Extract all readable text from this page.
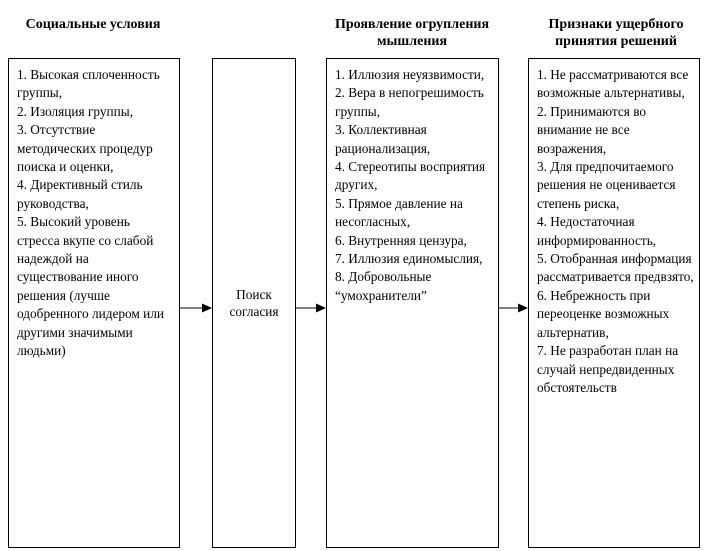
Социальные условия	Проявление огрупления мышления
Признаки ущербного принятия решений
1. Высокая сплоченность группы,
2. Изоляция группы,
3. Отсутствие методических процедур поиска и оценки,
4. Директивный стиль руководства,
5. Высокий уровень стресса вкупе со слабой надеждой на существование иного решения (лучше одобренного лидером или другими значимыми людьми)
Поиск согласия
1. Иллюзия неуязвимости,
2. Вера в непогрешимость группы,
3. Коллективная рационализация,
4. Стереотипы восприятия других,
5. Прямое давление на несогласных,
6. Внутренняя цензура,
7. Иллюзия единомыслия,
8. Добровольные “умохранители”
1. Не рассматриваются все возможные альтернативы,
2. Принимаются во внимание не все возражения,
3. Для предпочитаемого решения не оценивается степень риска,
4. Недостаточная информированность,
5. Отобранная информация рассматривается предвзято,
6. Небрежность при переоценке возможных альтернатив,
7. Не разработан план на случай непредвиденных обстоятельств
